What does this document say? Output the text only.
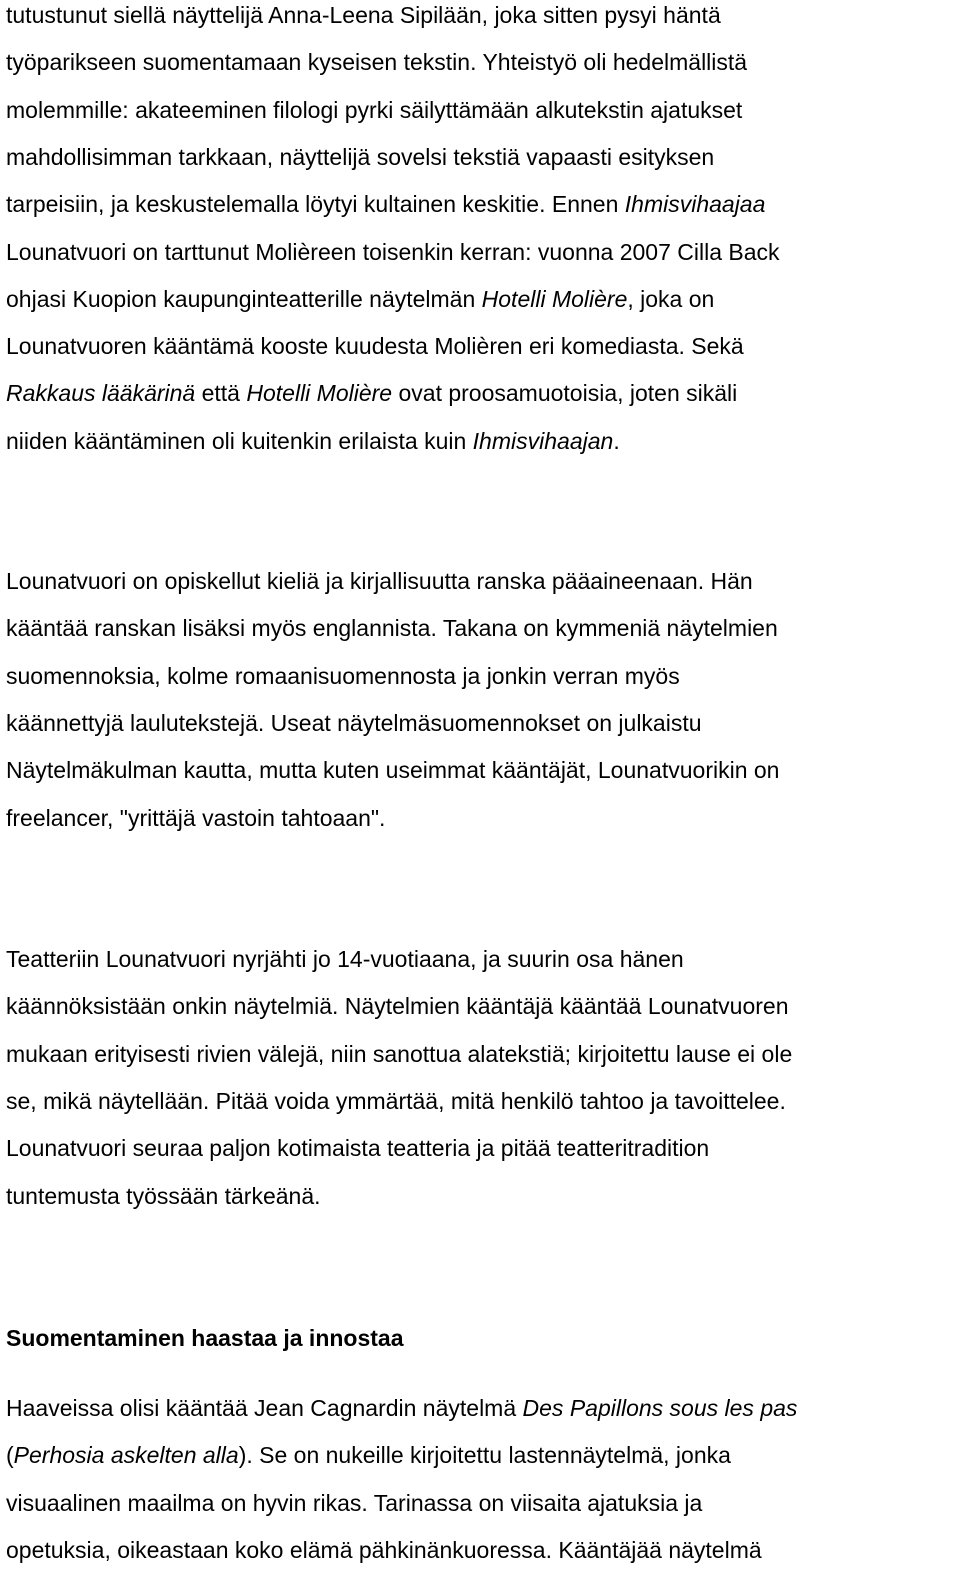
tutustunut siellä näyttelijä Anna-Leena Sipilään, joka sitten pysyi häntä
työparikseen suomentamaan kyseisen tekstin. Yhteistyö oli hedelmällistä
molemmille: akateeminen filologi pyrki säilyttämään alkutekstin ajatukset
mahdollisimman tarkkaan, näyttelijä sovelsi tekstiä vapaasti esityksen
tarpeisiin, ja keskustelemalla löytyi kultainen keskitie. Ennen Ihmisvihaajaa
Lounatvuori on tarttunut Molièreen toisenkin kerran: vuonna 2007 Cilla Back
ohjasi Kuopion kaupunginteatterille näytelmän Hotelli Molière, joka on
Lounatvuoren kääntämä kooste kuudesta Molièren eri komediasta. Sekä
Rakkaus lääkärinä että Hotelli Molière ovat proosamuotoisia, joten sikäli
niiden kääntäminen oli kuitenkin erilaista kuin Ihmisvihaajan.
Lounatvuori on opiskellut kieliä ja kirjallisuutta ranska pääaineenaan. Hän
kääntää ranskan lisäksi myös englannista. Takana on kymmeniä näytelmien
suomennoksia, kolme romaanisuomennosta ja jonkin verran myös
käännettyjä laulutekstejä. Useat näytelmäsuomennokset on julkaistu
Näytelmäkulman kautta, mutta kuten useimmat kääntäjät, Lounatvuorikin on
freelancer, "yrittäjä vastoin tahtoaan".
Teatteriin Lounatvuori nyrjähti jo 14-vuotiaana, ja suurin osa hänen
käännöksistään onkin näytelmiä. Näytelmien kääntäjä kääntää Lounatvuoren
mukaan erityisesti rivien välejä, niin sanottua alatekstiä; kirjoitettu lause ei ole
se, mikä näytellään. Pitää voida ymmärtää, mitä henkilö tahtoo ja tavoittelee.
Lounatvuori seuraa paljon kotimaista teatteria ja pitää teatteritradition
tuntemusta työssään tärkeänä.
Suomentaminen haastaa ja innostaa
Haaveissa olisi kääntää Jean Cagnardin näytelmä Des Papillons sous les pas
(Perhosia askelten alla). Se on nukeille kirjoitettu lastennäytelmä, jonka
visuaalinen maailma on hyvin rikas. Tarinassa on viisaita ajatuksia ja
opetuksia, oikeastaan koko elämä pähkinänkuoressa. Kääntäjää näytelmä
